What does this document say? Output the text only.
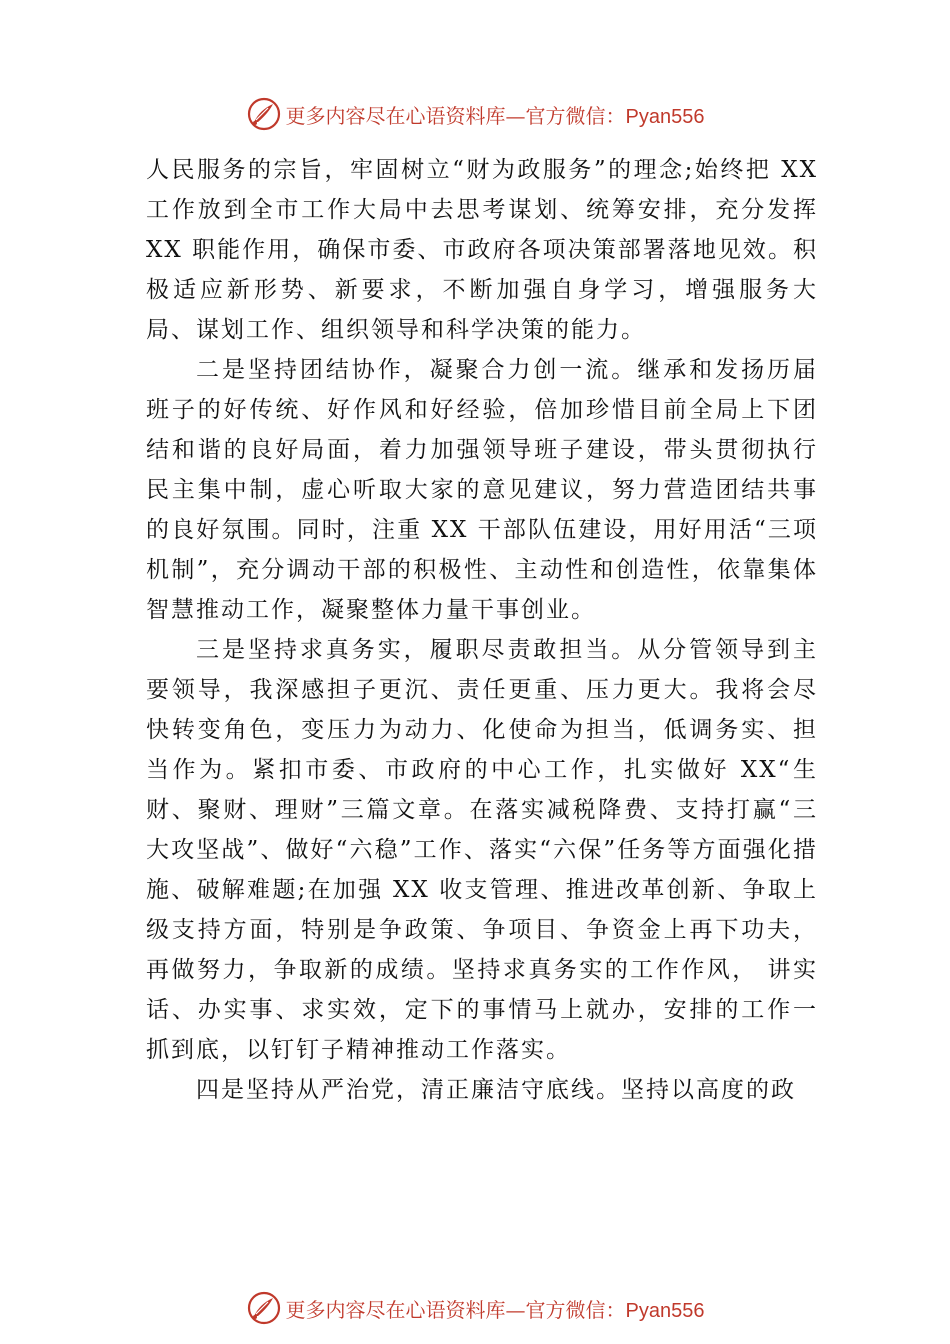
更多内容尽在心语资料库—官方微信：Pyan556

人民服务的宗旨，牢固树立“财为政服务”的理念;始终把 XX 工作放到全市工作大局中去思考谋划、统筹安排，充分发挥 XX 职能作用，确保市委、市政府各项决策部署落地见效。积极适应新形势、新要求，不断加强自身学习，增强服务大局、谋划工作、组织领导和科学决策的能力。

二是坚持团结协作，凝聚合力创一流。继承和发扬历届班子的好传统、好作风和好经验，倍加珍惜目前全局上下团结和谐的良好局面，着力加强领导班子建设，带头贯彻执行民主集中制，虚心听取大家的意见建议，努力营造团结共事的良好氛围。同时，注重 XX 干部队伍建设，用好用活“三项机制”，充分调动干部的积极性、主动性和创造性，依靠集体智慧推动工作，凝聚整体力量干事创业。

三是坚持求真务实，履职尽责敢担当。从分管领导到主要领导，我深感担子更沉、责任更重、压力更大。我将会尽快转变角色，变压力为动力、化使命为担当，低调务实、担当作为。紧扣市委、市政府的中心工作，扎实做好 XX“生财、聚财、理财”三篇文章。在落实减税降费、支持打赢“三大攻坚战”、做好“六稳”工作、落实“六保”任务等方面强化措施、破解难题;在加强 XX 收支管理、推进改革创新、争取上级支持方面，特别是争政策、争项目、争资金上再下功夫，再做努力，争取新的成绩。坚持求真务实的工作作风， 讲实话、办实事、求实效，定下的事情马上就办，安排的工作一抓到底，以钉钉子精神推动工作落实。

四是坚持从严治党，清正廉洁守底线。坚持以高度的政

更多内容尽在心语资料库—官方微信：Pyan556
